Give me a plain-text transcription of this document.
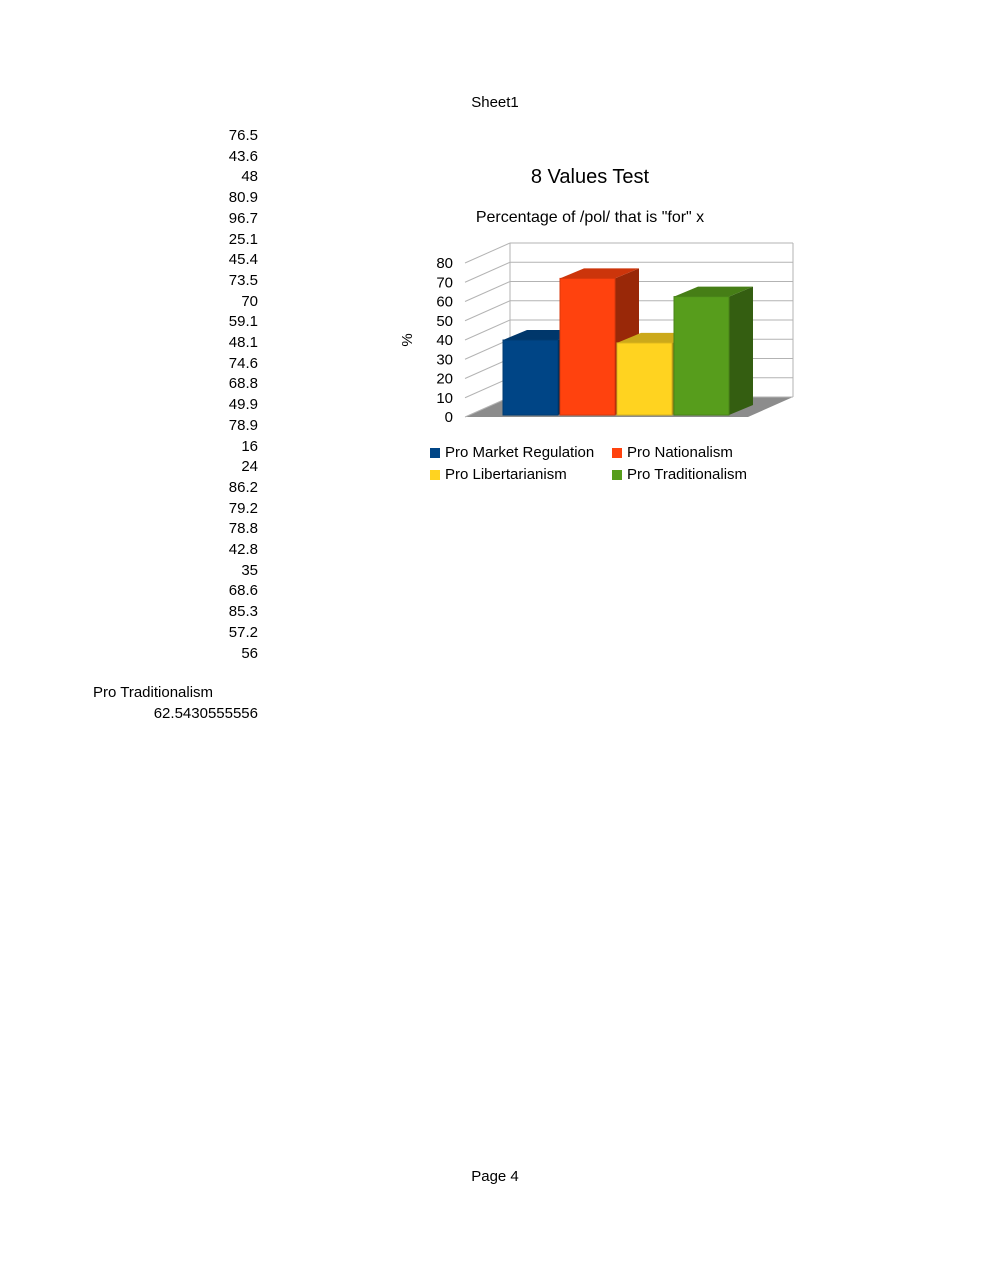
Sheet1
76.5
43.6
48
80.9
96.7
25.1
45.4
73.5
70
59.1
48.1
74.6
68.8
49.9
78.9
16
24
86.2
79.2
78.8
42.8
35
68.6
85.3
57.2
56
Pro Traditionalism
62.5430555556
8 Values Test
Percentage of /pol/ that is "for" x
0
10
20
30
40
50
60
70
80
%
Pro Market Regulation Pro Nationalism
Pro Libertarianism	Pro Traditionalism
Page 4
